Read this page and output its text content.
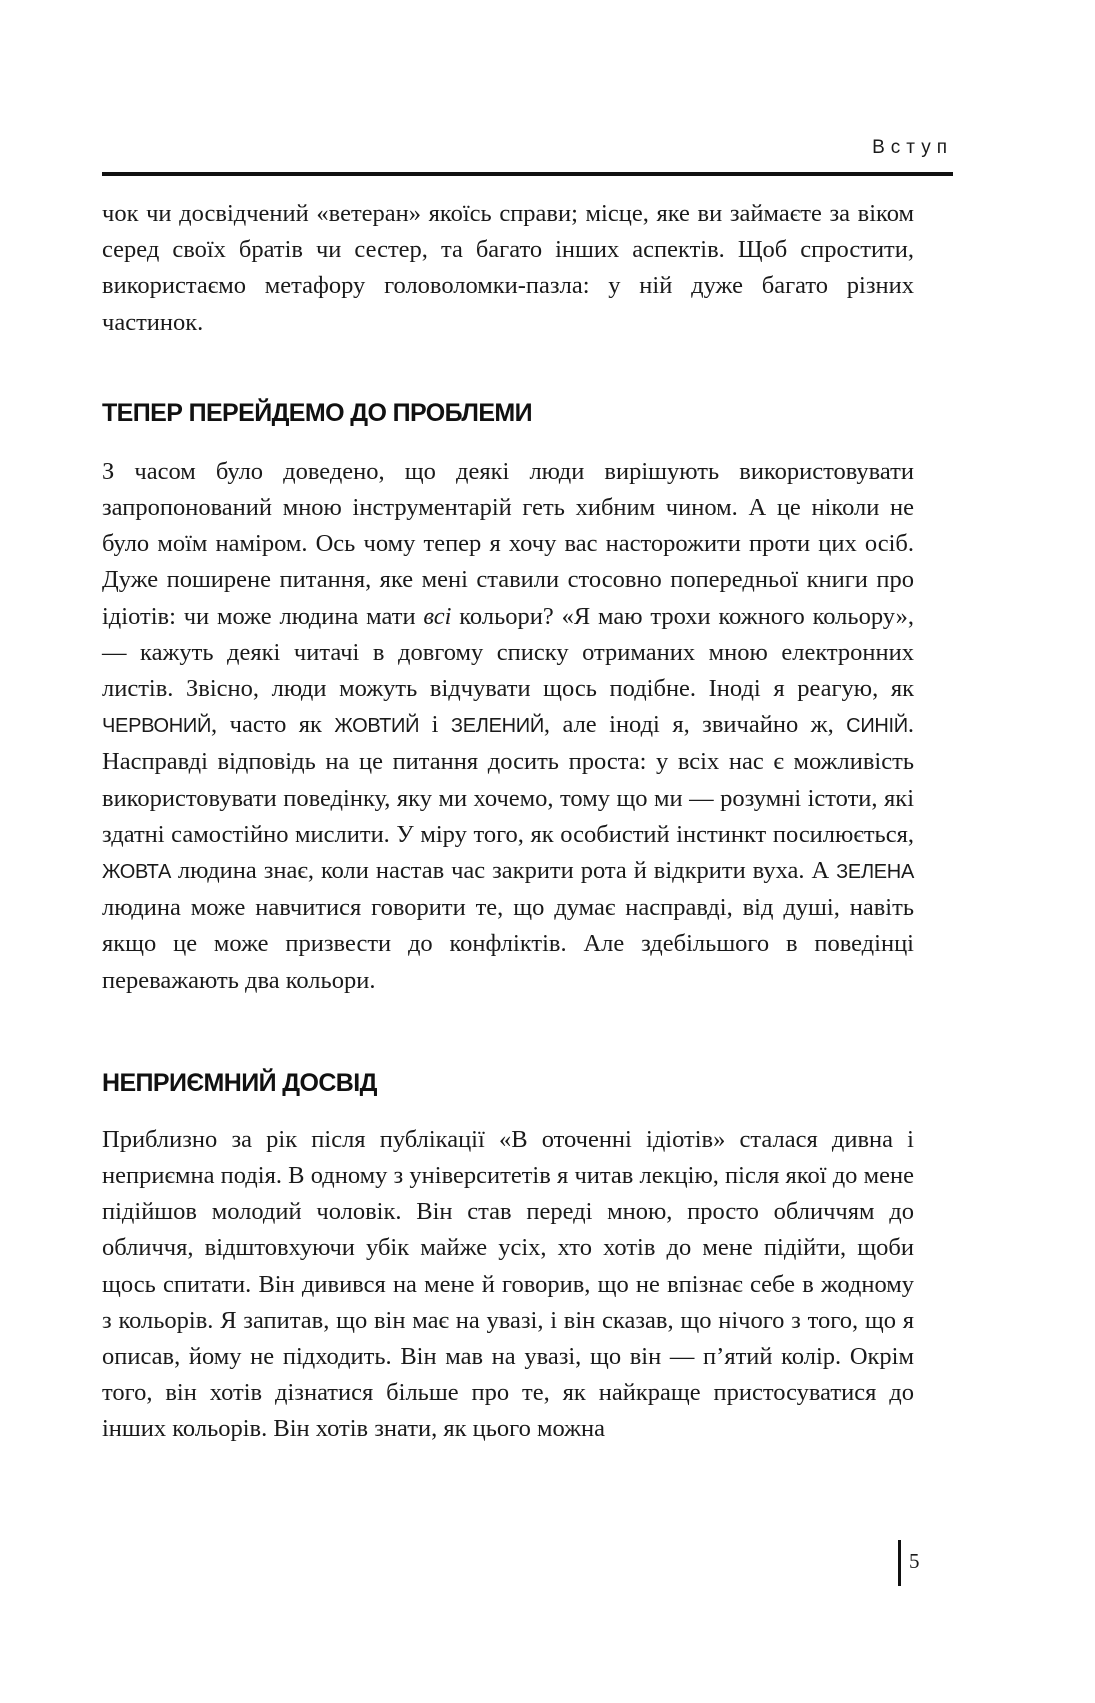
Вступ

чок чи досвідчений «ветеран» якоїсь справи; місце, яке ви займаєте за віком серед своїх братів чи сестер, та багато інших аспектів. Щоб спростити, використаємо метафору головоломки-пазла: у ній дуже багато різних частинок.

ТЕПЕР ПЕРЕЙДЕМО ДО ПРОБЛЕМИ

З часом було доведено, що деякі люди вирішують використовувати запропонований мною інструментарій геть хибним чином. А це ніколи не було моїм наміром. Ось чому тепер я хочу вас насторожити проти цих осіб. Дуже поширене питання, яке мені ставили стосовно попередньої книги про ідіотів: чи може людина мати всі кольори? «Я маю трохи кожного кольору», — кажуть деякі читачі в довгому списку отриманих мною електронних листів. Звісно, люди можуть відчувати щось подібне. Іноді я реагую, як ЧЕРВОНИЙ, часто як ЖОВТИЙ і ЗЕЛЕНИЙ, але іноді я, звичайно ж, СИНІЙ. Насправді відповідь на це питання досить проста: у всіх нас є можливість використовувати поведінку, яку ми хочемо, тому що ми — розумні істоти, які здатні самостійно мислити. У міру того, як особистий інстинкт посилюється, ЖОВТА людина знає, коли настав час закрити рота й відкрити вуха. А ЗЕЛЕНА людина може навчитися говорити те, що думає насправді, від душі, навіть якщо це може призвести до конфліктів. Але здебільшого в поведінці переважають два кольори.

НЕПРИЄМНИЙ ДОСВІД

Приблизно за рік після публікації «В оточенні ідіотів» сталася дивна і неприємна подія. В одному з університетів я читав лекцію, після якої до мене підійшов молодий чоловік. Він став переді мною, просто обличчям до обличчя, відштовхуючи убік майже усіх, хто хотів до мене підійти, щоби щось спитати. Він дивився на мене й говорив, що не впізнає себе в жодному з кольорів. Я запитав, що він має на увазі, і він сказав, що нічого з того, що я описав, йому не підходить. Він мав на увазі, що він — п’ятий колір. Окрім того, він хотів дізнатися більше про те, як найкраще пристосуватися до інших кольорів. Він хотів знати, як цього можна

5
